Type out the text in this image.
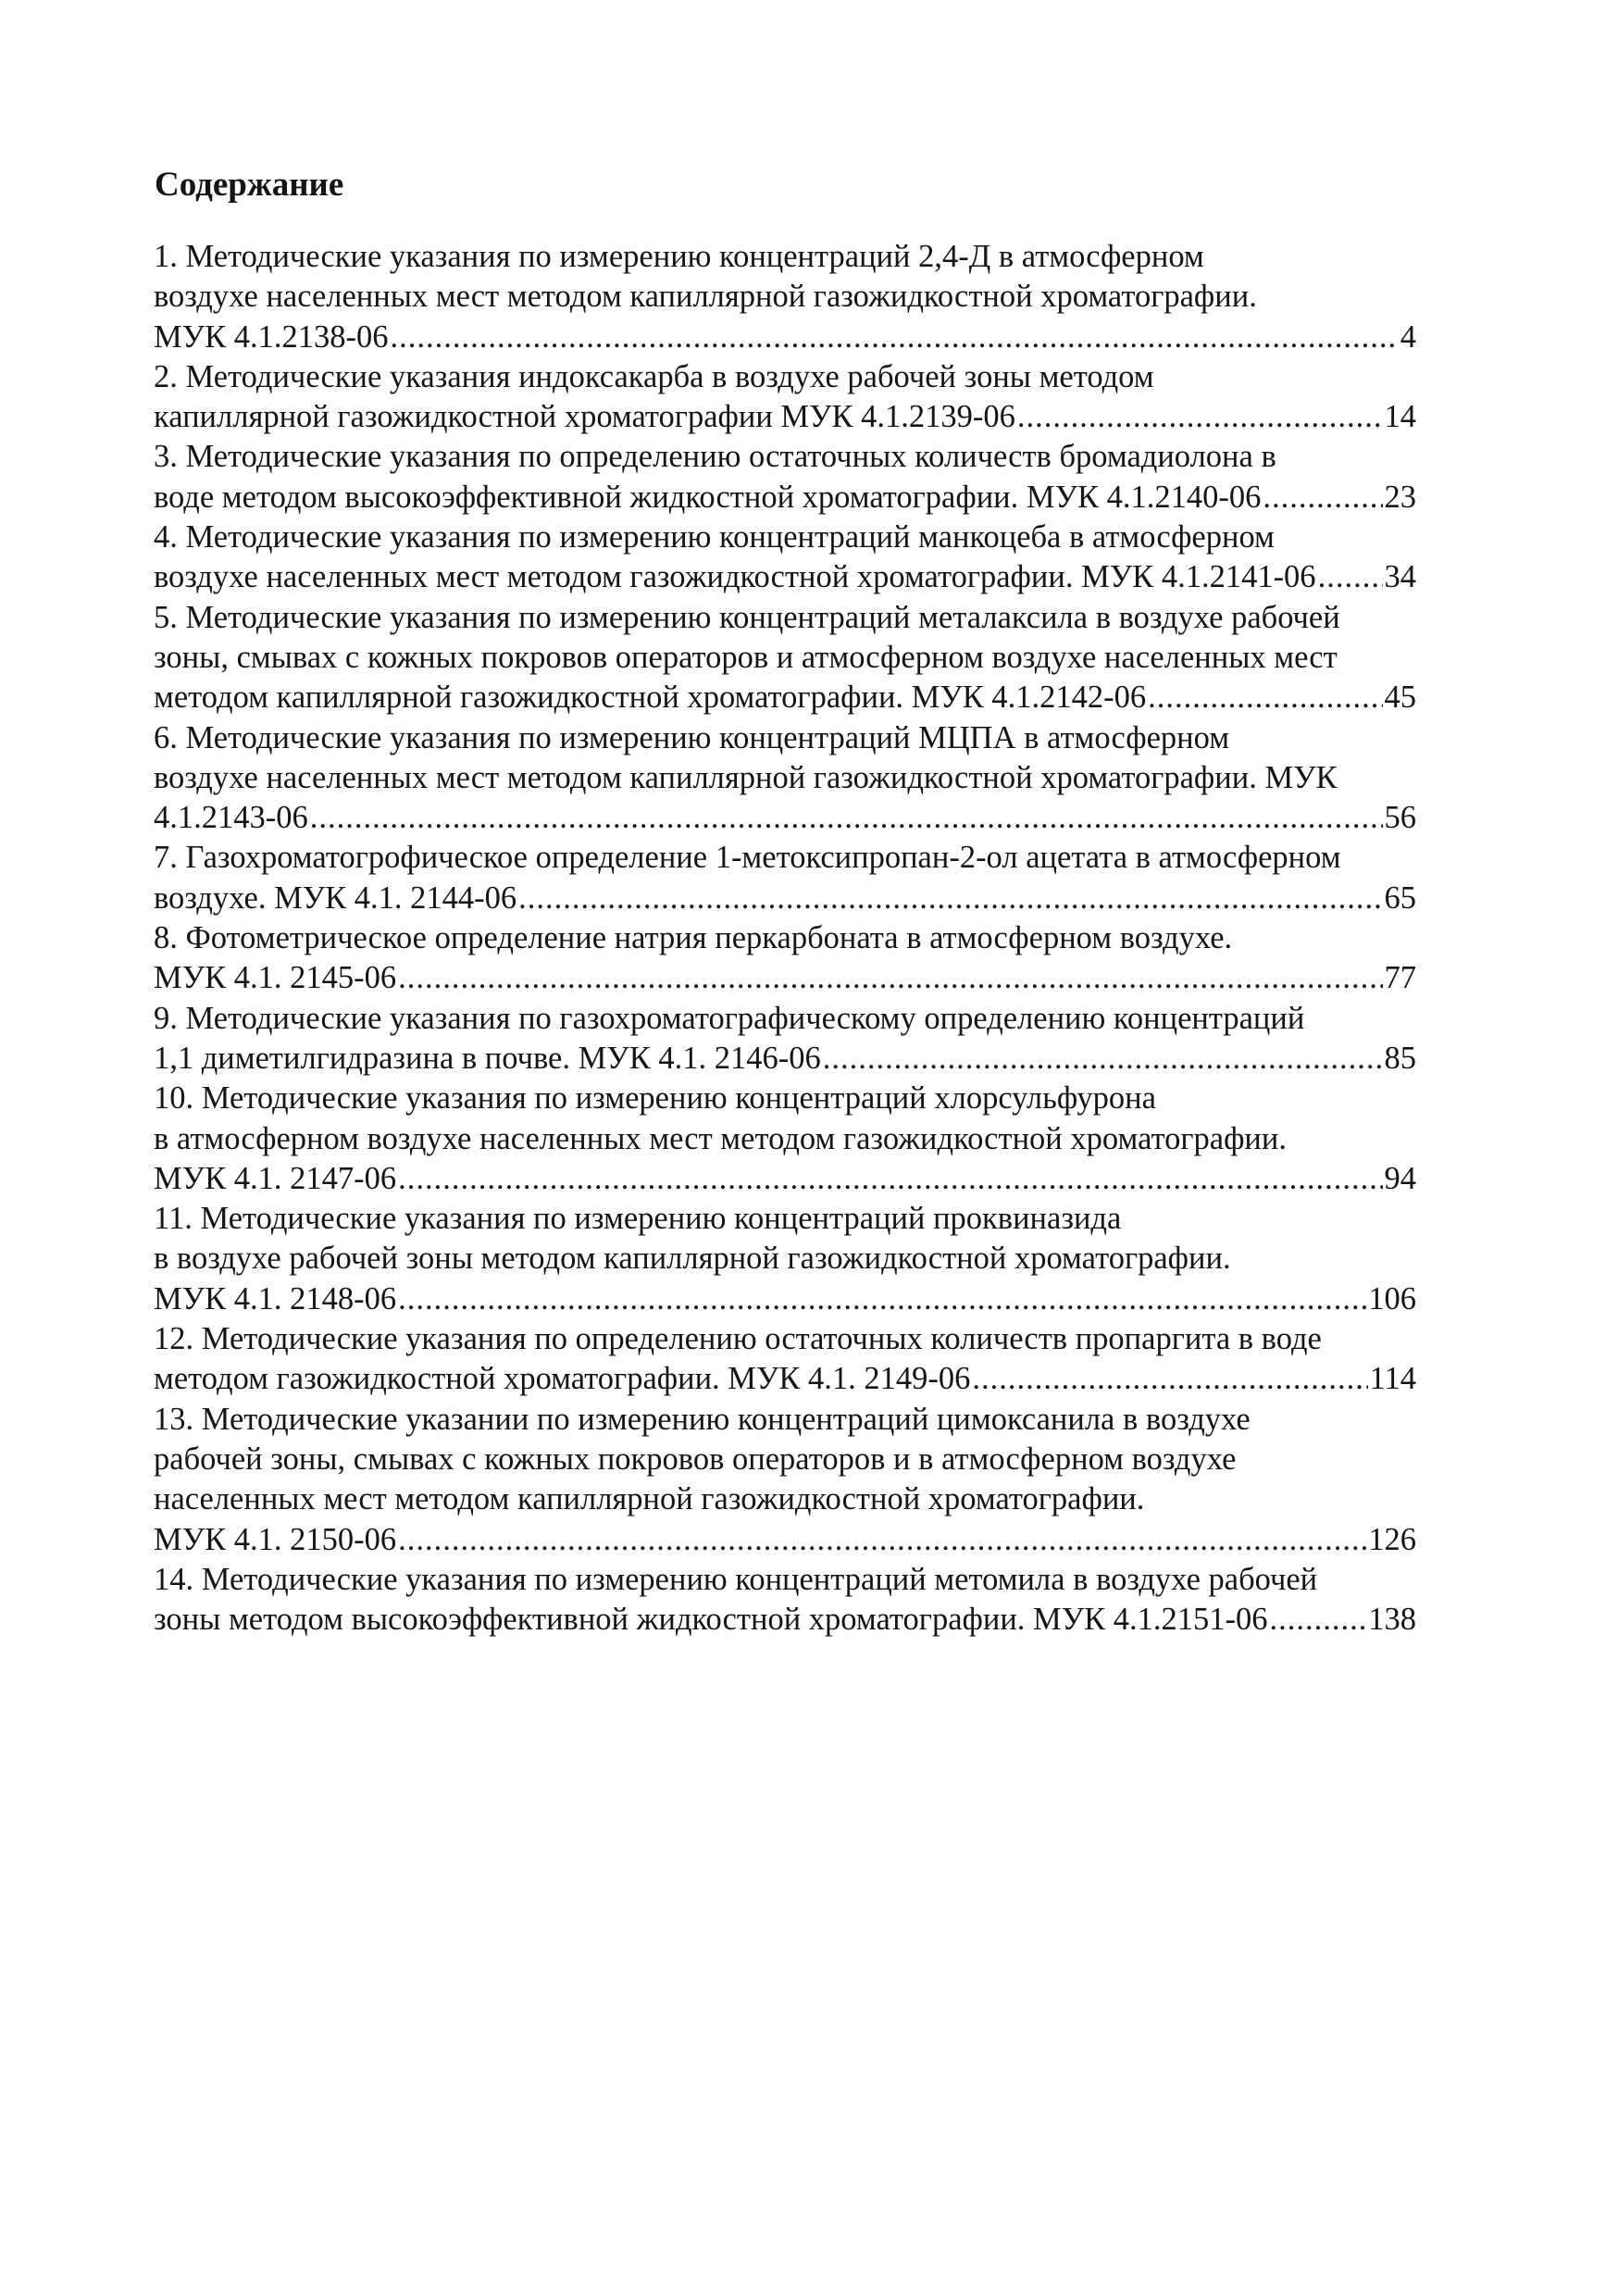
Содержание
1. Методические указания по измерению концентраций 2,4-Д в атмосферном
воздухе населенных мест методом капиллярной газожидкостной хроматографии.
МУК 4.1.2138-06 .....	4
2. Методические указания индоксакарба в воздухе рабочей зоны методом
капиллярной газожидкостной хроматографии МУК 4.1.2139-06 .....	14
3. Методические указания по определению остаточных количеств бромадиолона в
воде методом высокоэффективной жидкостной хроматографии. МУК 4.1.2140-06 .....	23
4. Методические указания по измерению концентраций манкоцеба в атмосферном
воздухе населенных мест методом газожидкостной хроматографии. МУК 4.1.2141-06 ..... 34
5. Методические указания по измерению концентраций металаксила в воздухе рабочей
зоны, смывах с кожных покровов операторов и атмосферном воздухе населенных мест
методом капиллярной газожидкостной хроматографии. МУК 4.1.2142-06 .....	45
6. Методические указания по измерению концентраций МЦПА в атмосферном
воздухе населенных мест методом капиллярной газожидкостной хроматографии. МУК
4.1.2143-06 .....	56
7. Газохроматогрофическое определение 1-метоксипропан-2-ол ацетата в атмосферном
воздухе. МУК 4.1. 2144-06 .....	65
8. Фотометрическое определение натрия перкарбоната в атмосферном воздухе.
МУК 4.1. 2145-06 .....	77
9. Методические указания по газохроматографическому определению концентраций
1,1 диметилгидразина в почве. МУК 4.1. 2146-06 .....	85
10. Методические указания по измерению концентраций хлорсульфурона
в атмосферном воздухе населенных мест методом газожидкостной хроматографии.
МУК 4.1. 2147-06 .....	94
11. Методические указания по измерению концентраций проквиназида
в воздухе рабочей зоны методом капиллярной газожидкостной хроматографии.
МУК 4.1. 2148-06 .....	106
12. Методические указания по определению остаточных количеств пропаргита в воде
методом газожидкостной хроматографии. МУК 4.1. 2149-06 .....	114
13. Методические указании по измерению концентраций цимоксанила в воздухе
рабочей зоны, смывах с кожных покровов операторов и в атмосферном воздухе
населенных мест методом капиллярной газожидкостной хроматографии.
МУК 4.1. 2150-06 .....	126
14. Методические указания по измерению концентраций метомила в воздухе рабочей
зоны методом высокоэффективной жидкостной хроматографии. МУК 4.1.2151-06 .....	138
